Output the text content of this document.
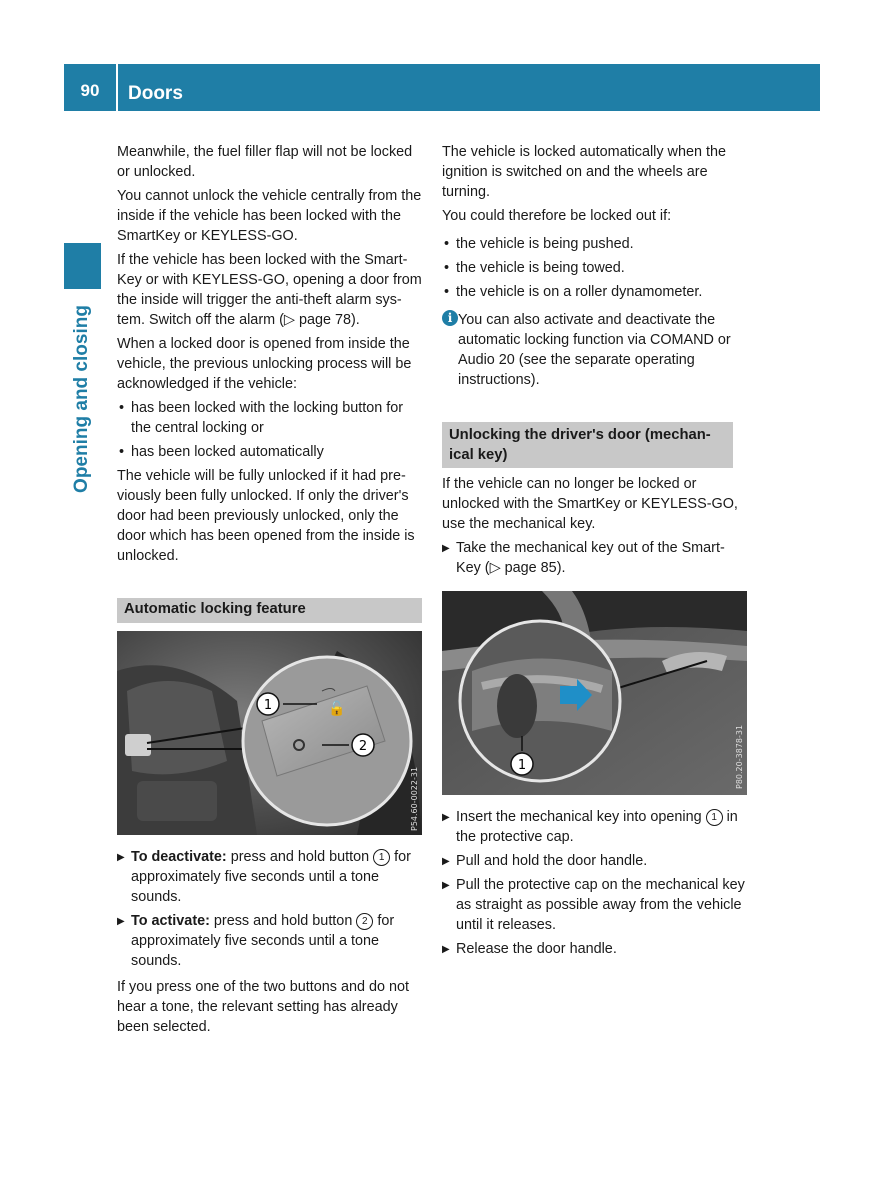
90	Doors
Opening and closing

Meanwhile, the fuel filler flap will not be locked or unlocked.

You cannot unlock the vehicle centrally from the inside if the vehicle has been locked with the SmartKey or KEYLESS-GO.

If the vehicle has been locked with the Smart-Key or with KEYLESS-GO, opening a door from the inside will trigger the anti-theft alarm sys-tem. Switch off the alarm (▷ page 78).

When a locked door is opened from inside the vehicle, the previous unlocking process will be acknowledged if the vehicle:

• has been locked with the locking button for the central locking or
• has been locked automatically

The vehicle will be fully unlocked if it had pre-viously been fully unlocked. If only the driver's door had been previously unlocked, only the door which has been opened from the inside is unlocked.

Automatic locking feature
🔓
1
2
P54.60-0022-31
▶ To deactivate: press and hold button 1 for approximately five seconds until a tone sounds.
▶ To activate: press and hold button 2 for approximately five seconds until a tone sounds.

If you press one of the two buttons and do not hear a tone, the relevant setting has already been selected.

The vehicle is locked automatically when the ignition is switched on and the wheels are turning.

You could therefore be locked out if:

• the vehicle is being pushed.
• the vehicle is being towed.
• the vehicle is on a roller dynamometer.
i You can also activate and deactivate the automatic locking function via COMAND or Audio 20 (see the separate operating instructions).
Unlocking the driver's door (mechan-ical key)

If the vehicle can no longer be locked or unlocked with the SmartKey or KEYLESS-GO, use the mechanical key.

▶ Take the mechanical key out of the Smart-Key (▷ page 85).
1	P80.20-3878-31
▶ Insert the mechanical key into opening 1 in the protective cap.
▶ Pull and hold the door handle.
▶ Pull the protective cap on the mechanical key as straight as possible away from the vehicle until it releases.
▶ Release the door handle.
